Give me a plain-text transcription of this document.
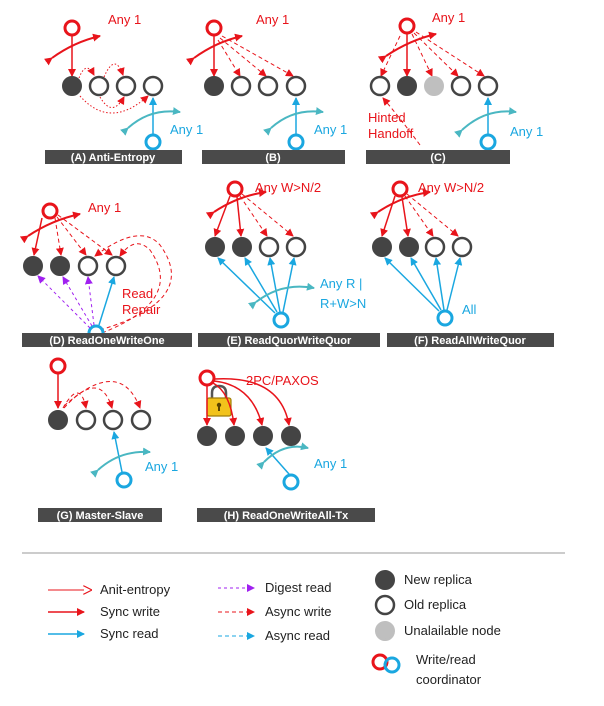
Any 1
Any 1
(A) Anti-Entropy
Any 1
Any 1
(B)
Any 1
Hinted
Handoff	Any 1
(C)
Any 1
Read
Repair
(D) ReadOneWriteOne
Any W>N/2
Any R |
R+W>N
(E) ReadQuorWriteQuor
Any W>N/2
All
(F) ReadAllWriteQuor
Any 1
(G) Master-Slave
2PC/PAXOS
Any 1
(H) ReadOneWriteAll-Tx
Anit-entropy
Sync write
Sync read
Digest read
Async write
Async read
New replica
Old replica
Unalailable node
Write/read
coordinator
